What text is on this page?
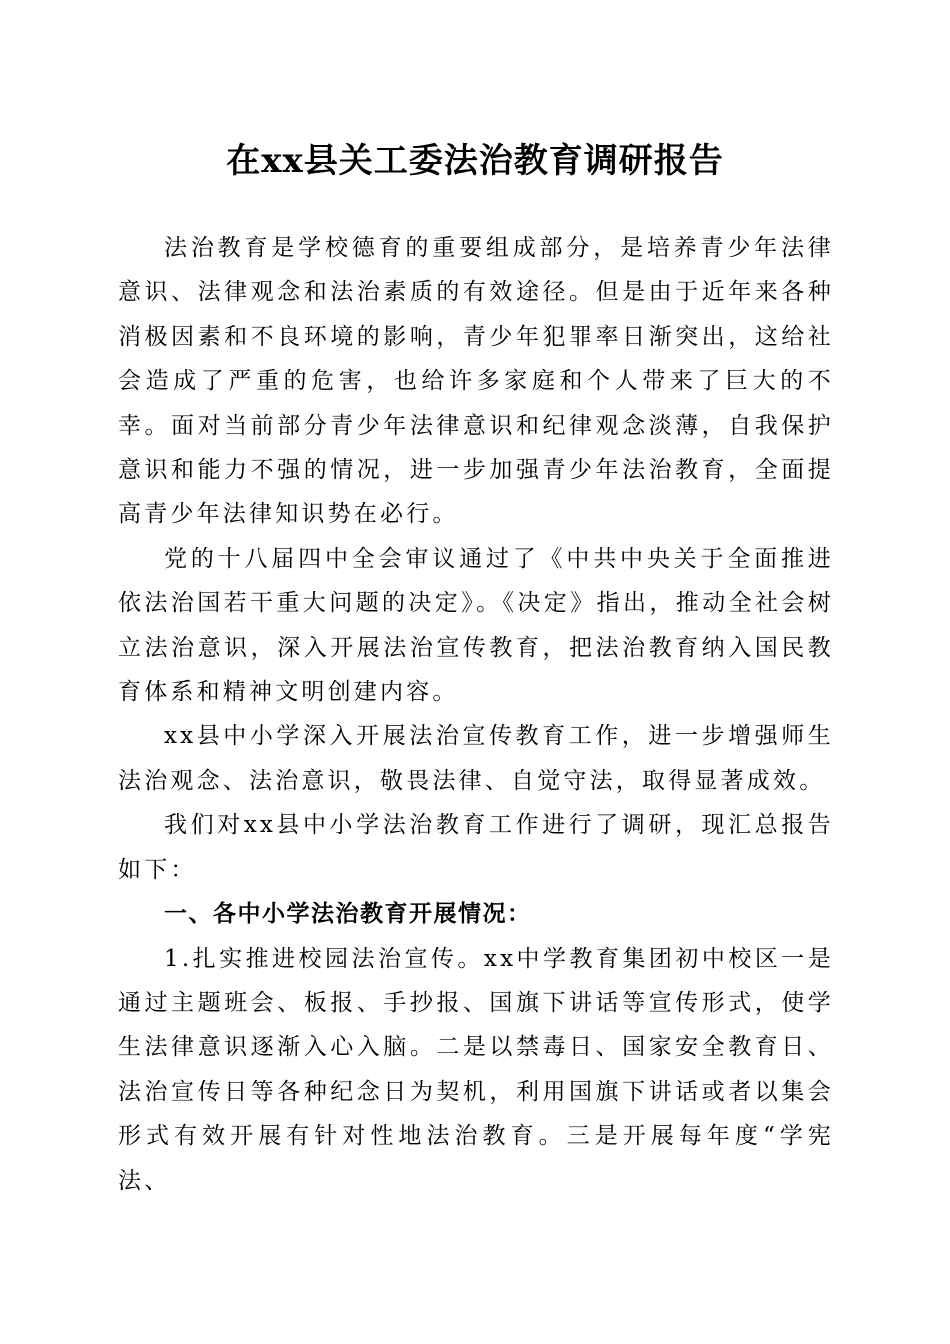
在xx县关工委法治教育调研报告

法治教育是学校德育的重要组成部分，是培养青少年法律意识、法律观念和法治素质的有效途径。但是由于近年来各种消极因素和不良环境的影响，青少年犯罪率日渐突出，这给社会造成了严重的危害，也给许多家庭和个人带来了巨大的不幸。面对当前部分青少年法律意识和纪律观念淡薄，自我保护意识和能力不强的情况，进一步加强青少年法治教育，全面提高青少年法律知识势在必行。

党的十八届四中全会审议通过了《中共中央关于全面推进依法治国若干重大问题的决定》。《决定》指出，推动全社会树立法治意识，深入开展法治宣传教育，把法治教育纳入国民教育体系和精神文明创建内容。

xx县中小学深入开展法治宣传教育工作，进一步增强师生法治观念、法治意识，敬畏法律、自觉守法，取得显著成效。

我们对xx县中小学法治教育工作进行了调研，现汇总报告如下：

一、各中小学法治教育开展情况：

1.扎实推进校园法治宣传。xx中学教育集团初中校区一是通过主题班会、板报、手抄报、国旗下讲话等宣传形式，使学生法律意识逐渐入心入脑。二是以禁毒日、国家安全教育日、法治宣传日等各种纪念日为契机，利用国旗下讲话或者以集会形式有效开展有针对性地法治教育。三是开展每年度“学宪法、
